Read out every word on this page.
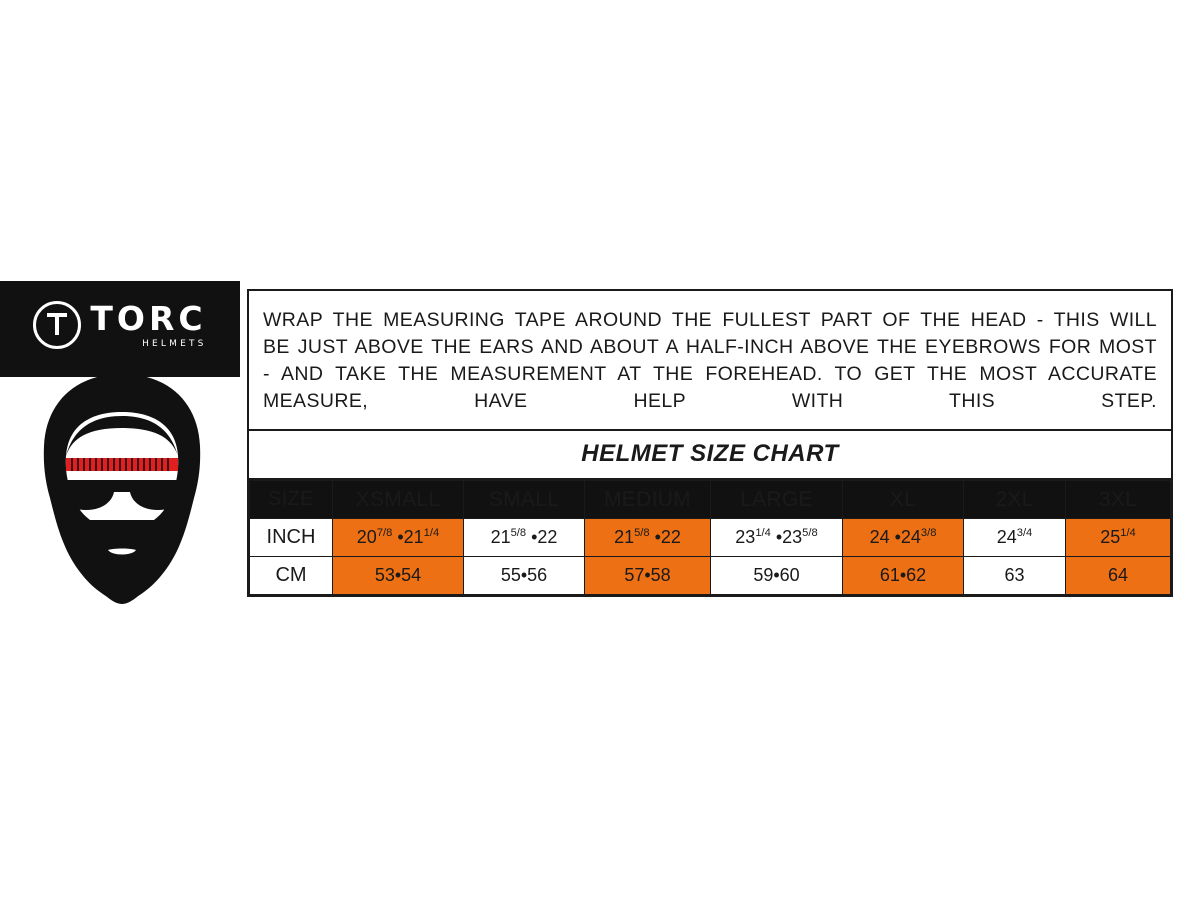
TORC
HELMETS

WRAP THE MEASURING TAPE AROUND THE FULLEST PART OF THE HEAD - THIS WILL BE JUST ABOVE THE EARS AND ABOUT A HALF-INCH ABOVE THE EYEBROWS FOR MOST - AND TAKE THE MEASUREMENT AT THE FOREHEAD. TO GET THE MOST ACCURATE MEASURE, HAVE HELP WITH THIS STEP.

HELMET SIZE CHART
SIZE	XSMALL	SMALL	MEDIUM	LARGE	XL	2XL	3XL
INCH	$20^{7/8}$ $•21^{1/4}$	$21^{5/8}$ •22	$21^{5/8}$ •22	$23^{1/4}$ $•23^{5/8}$	24 $•24^{3/8}$	$24^{3/4}$	$25^{1/4}$
CM	53•54	55•56	57•58	59•60	61•62	63	64
